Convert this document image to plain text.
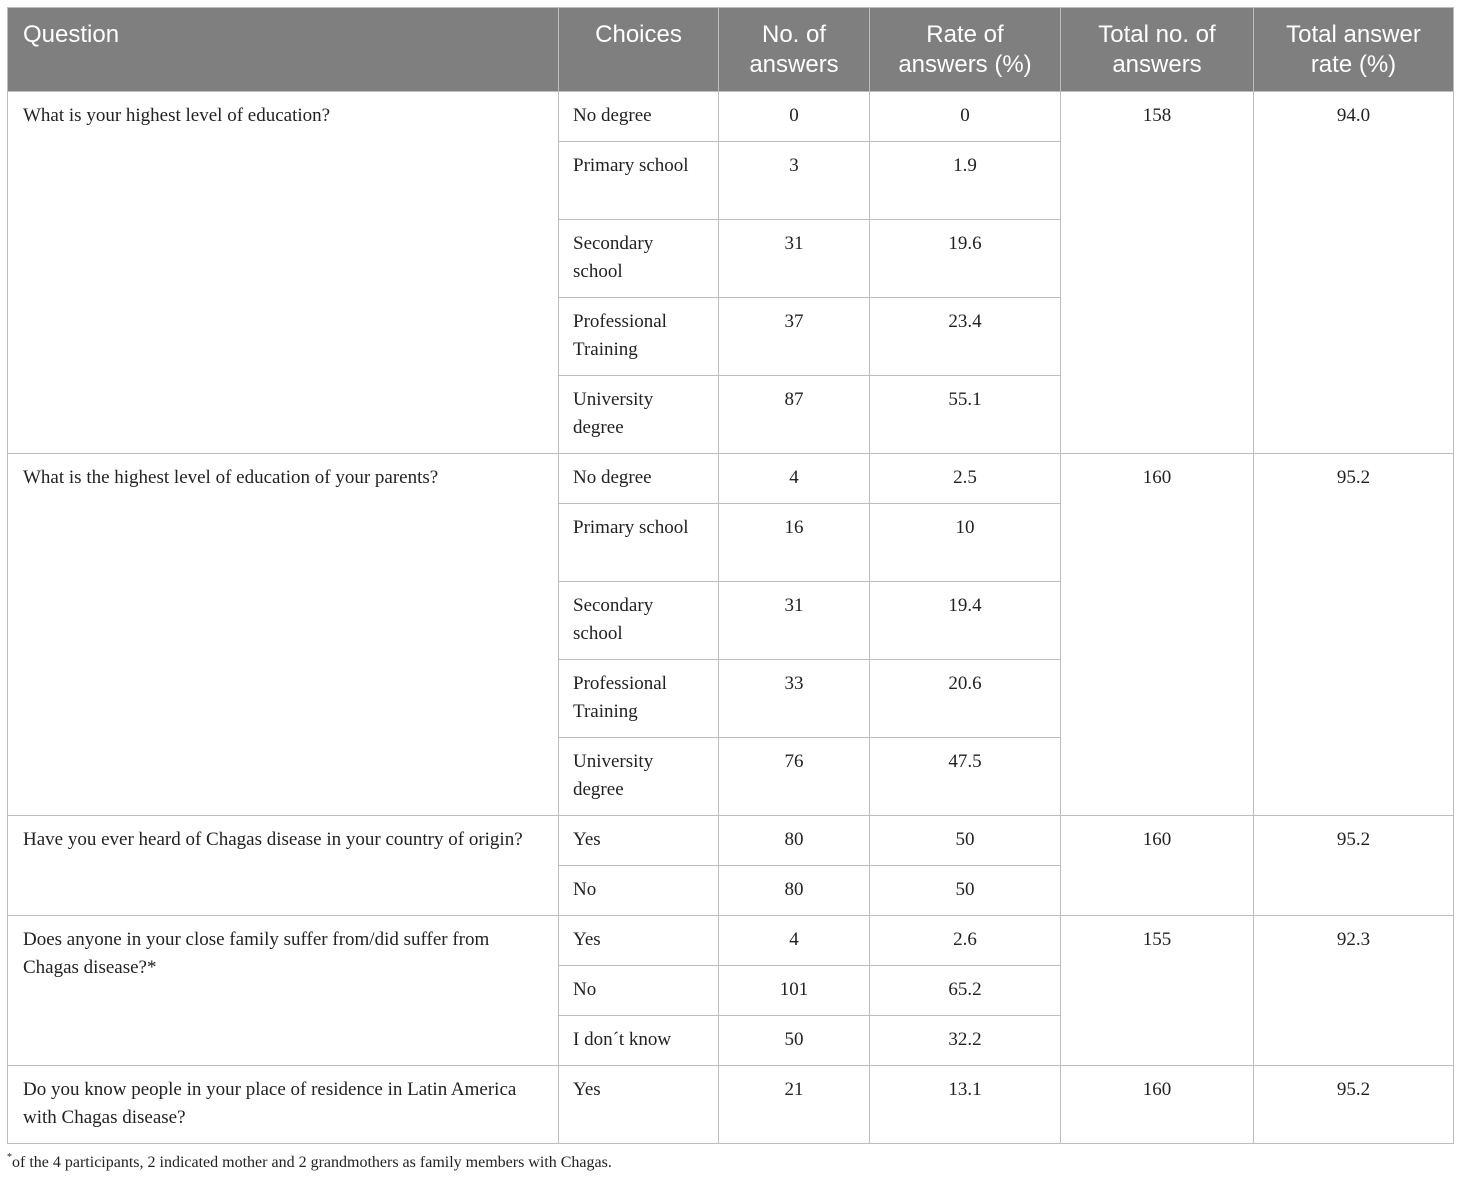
Question	Choices	No. of answers	Rate of answers (%)	Total no. of answers	Total answer rate (%)
What is your highest level of education?	No degree	0	0	158	94.0
	Primary school	3	1.9		
	Secondary school	31	19.6		
	Professional Training	37	23.4		
	University degree	87	55.1		
What is the highest level of education of your parents?	No degree	4	2.5	160	95.2
	Primary school	16	10		
	Secondary school	31	19.4		
	Professional Training	33	20.6		
	University degree	76	47.5		
Have you ever heard of Chagas disease in your country of origin?	Yes	80	50	160	95.2
	No	80	50		
Does anyone in your close family suffer from/did suffer from Chagas disease?*	Yes	4	2.6	155	92.3
	No	101	65.2		
	I don´t know	50	32.2		
Do you know people in your place of residence in Latin America with Chagas disease?	Yes	21	13.1	160	95.2
*of the 4 participants, 2 indicated mother and 2 grandmothers as family members with Chagas.
